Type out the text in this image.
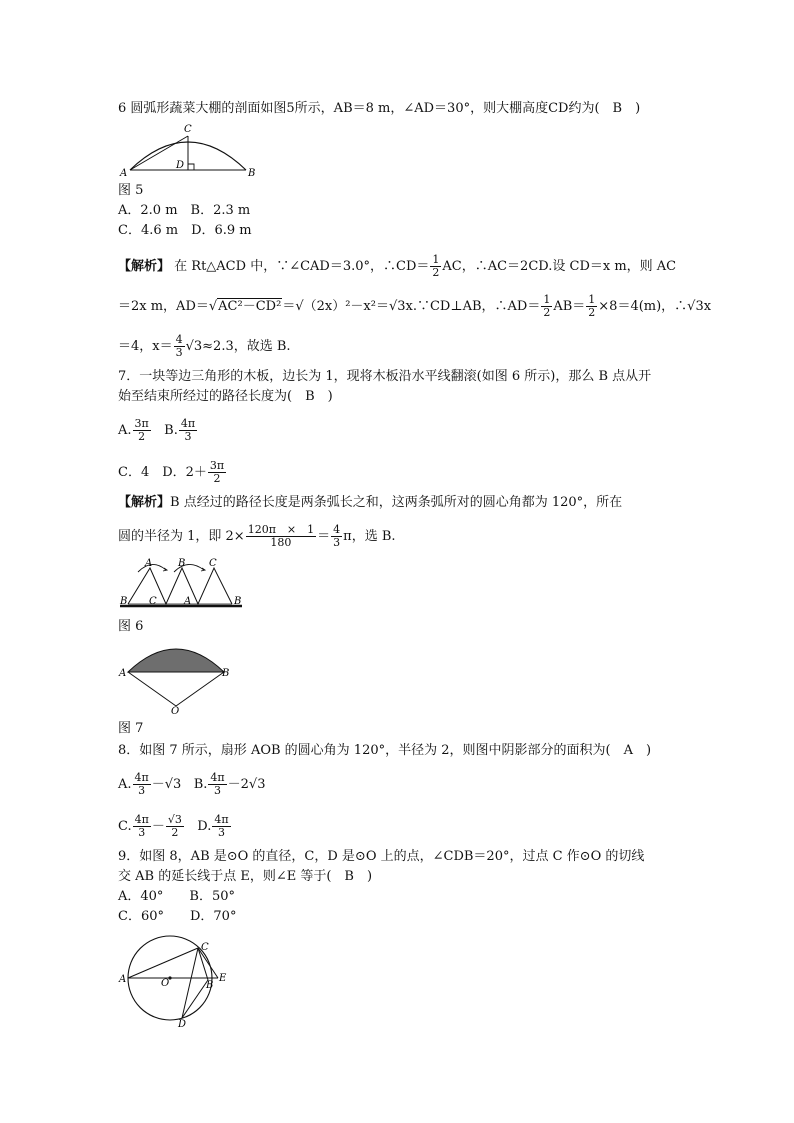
6 圆弧形蔬菜大棚的剖面如图5所示，AB＝8 m，∠AD＝30°，则大棚高度CD约为(　B　)
A
C
D
B
图 5
A．2.0 m　B．2.3 m
C．4.6 m　D．6.9 m
【解析】 在 Rt△ACD 中，∵∠CAD＝3.0°，∴CD＝ $\frac{1}{2}$ AC，∴AC＝2CD.设 CD＝x m，则 AC
＝2x m，AD＝√AC²－CD²＝√（2x）²－x²＝√3x.∵CD⊥AB，∴AD＝ $\frac{1}{2} AB= \frac{1}{2} \times 8=4(m)$，∴√3x
＝4，$x= \frac{4}{3} √3\approx 2.3$，故选 B.
7．一块等边三角形的木板，边长为 1，现将木板沿水平线翻滚(如图 6 所示)，那么 B 点从开
始至结束所经过的路径长度为(　B　)
A. $\frac{3\pi}{2} B$. $\frac{4\pi}{3}$
C．4　D．$2+ \frac{3\pi}{2}$
【解析】B 点经过的路径长度是两条弧长之和，这两条弧所对的圆心角都为 120°，所在
圆的半径为 1，即 $2\times \frac{120\pi \times 1}{180} = \frac{4}{3}$ π，选 B.
A	B C
B C	A	B
图 6
A	B
O
图 7
8．如图 7 所示，扇形 AOB 的圆心角为 120°，半径为 2，则图中阴影部分的面积为(　A　)
A. $\frac{4\pi}{3} -√3$ B. $\frac{4\pi}{3} -2√3$
C. $\frac{4\pi}{3} - \frac{√3}{2} D$. $\frac{4\pi}{3}$
9．如图 8，AB 是⊙O 的直径，C，D 是⊙O 上的点，∠CDB＝20°，过点 C 作⊙O 的切线
交 AB 的延长线于点 E，则∠E 等于(　B　)
A．40°　　B．50°
C．60°　　D．70°
A
C
E
B
O
D
